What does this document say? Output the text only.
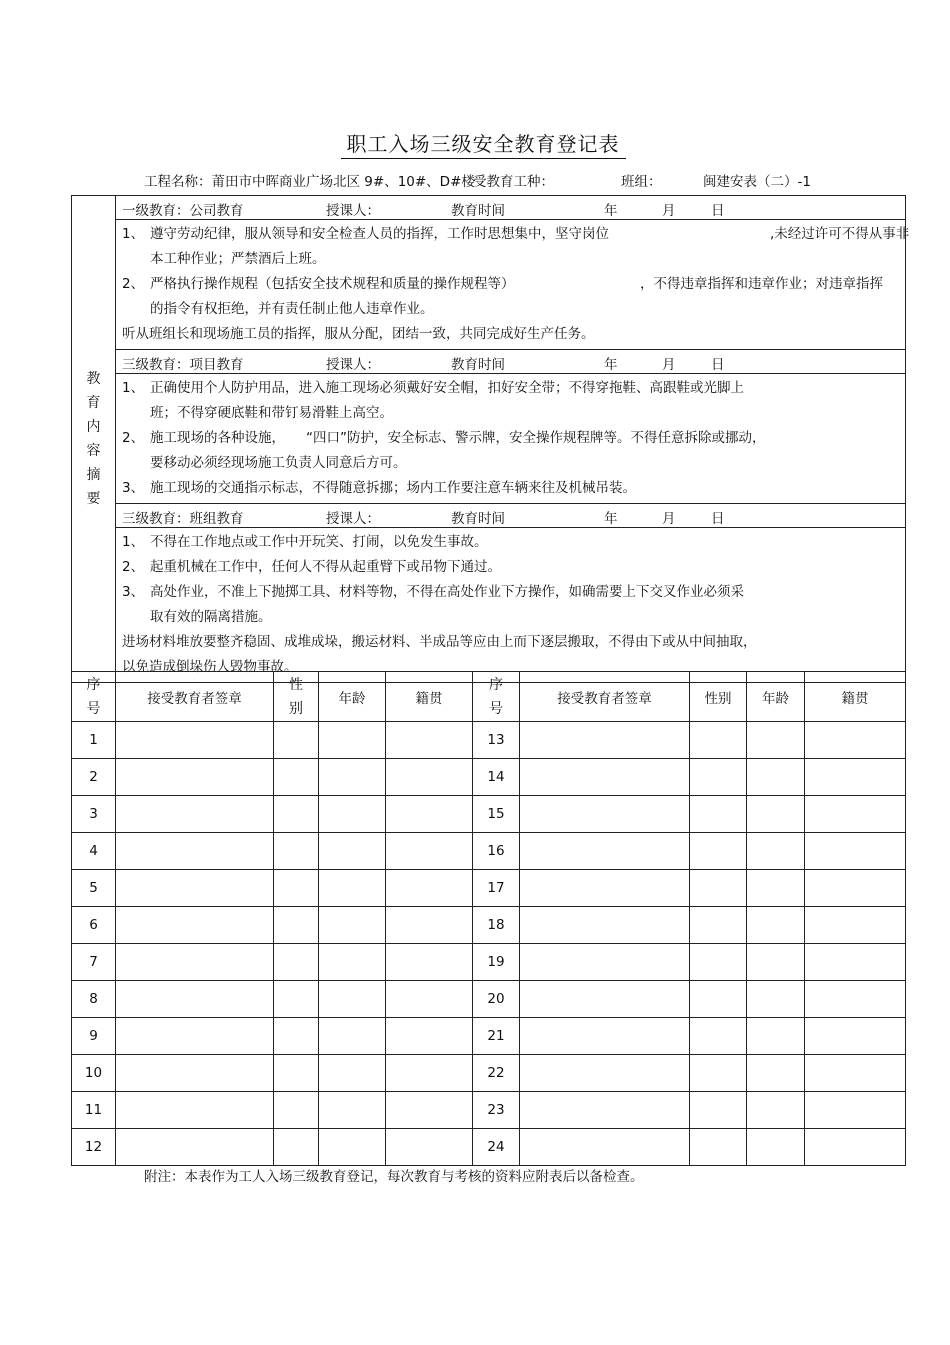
职工入场三级安全教育登记表
工程名称：莆田市中晖商业广场北区 9#、10#、D#楼
受教育工种：	班组：	闽建安表（二）-1
教育内容摘要	
一级教育：公司教育	授课人：	教育时间	年	月	日

1、 遵守劳动纪律，服从领导和安全检查人员的指挥，工作时思想集中，坚守岗位	,未经过许可不得从事非
本工种作业；严禁酒后上班。
2、 严格执行操作规程（包括安全技术规程和质量的操作规程等）	，不得违章指挥和违章作业；对违章指挥
的指令有权拒绝，并有责任制止他人违章作业。
听从班组长和现场施工员的指挥，服从分配，团结一致，共同完成好生产任务。

三级教育：项目教育	授课人：	教育时间	年	月	日

1、 正确使用个人防护用品，进入施工现场必须戴好安全帽，扣好安全带；不得穿拖鞋、高跟鞋或光脚上
班；不得穿硬底鞋和带钉易滑鞋上高空。
2、 施工现场的各种设施， “四口”防护，安全标志、警示牌，安全操作规程牌等。不得任意拆除或挪动，
要移动必须经现场施工负责人同意后方可。
3、 施工现场的交通指示标志，不得随意拆挪；场内工作要注意车辆来往及机械吊装。

三级教育：班组教育	授课人：	教育时间	年	月	日

1、 不得在工作地点或工作中开玩笑、打闹，以免发生事故。
2、 起重机械在工作中，任何人不得从起重臂下或吊物下通过。
3、 高处作业，不准上下抛掷工具、材料等物，不得在高处作业下方操作，如确需要上下交叉作业必须采
取有效的隔离措施。
进场材料堆放要整齐稳固、成堆成垛，搬运材料、半成品等应由上而下逐层搬取，不得由下或从中间抽取，
以免造成倒垛伤人毁物事故。
序号	接受教育者签章	性别	年龄	籍贯	序号	接受教育者签章	性别	年龄	籍贯
1					13				
2					14				
3					15				
4					16				
5					17				
6					18				
7					19				
8					20				
9					21				
10					22				
11					23				
12					24				
附注：本表作为工人入场三级教育登记，每次教育与考核的资料应附表后以备检查。
